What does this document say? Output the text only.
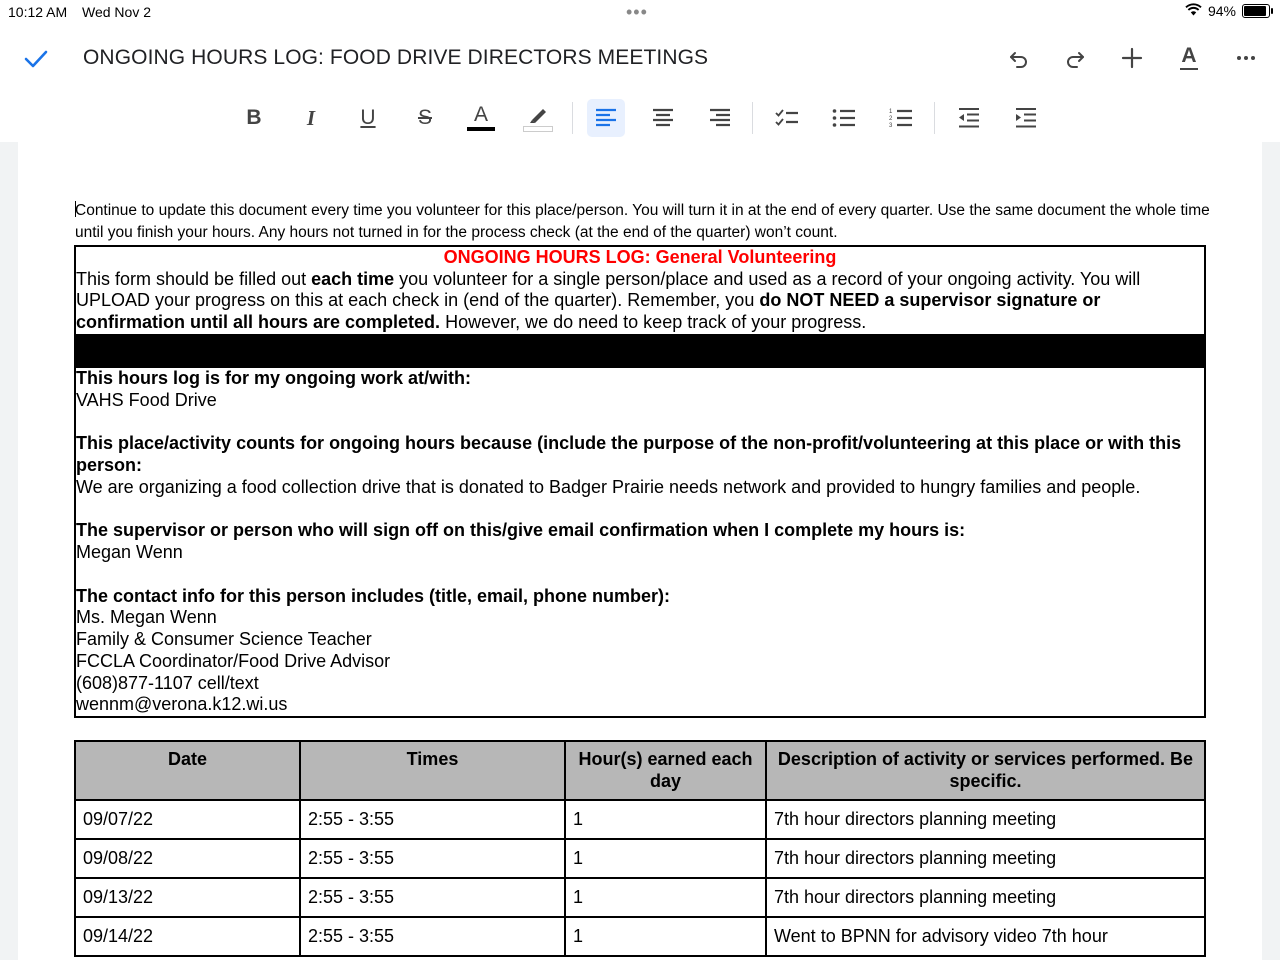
10:12 AM Wed Nov 2	•••	94%
ONGOING HOURS LOG: FOOD DRIVE DIRECTORS MEETINGS	A
B I U S A	1
2
3
Continue to update this document every time you volunteer for this place/person. You will turn it in at the end of every quarter. Use the same document the whole time until you finish your hours. Any hours not turned in for the process check (at the end of the quarter) won’t count.
ONGOING HOURS LOG: General Volunteering
This form should be filled out each time you volunteer for a single person/place and used as a record of your ongoing activity. You will UPLOAD your progress on this at each check in (end of the quarter). Remember, you do NOT NEED a supervisor signature or confirmation until all hours are completed. However, we do need to keep track of your progress.

This hours log is for my ongoing work at/with:

VAHS Food Drive

This place/activity counts for ongoing hours because (include the purpose of the non-profit/volunteering at this place or with this person:

We are organizing a food collection drive that is donated to Badger Prairie needs network and provided to hungry families and people.

The supervisor or person who will sign off on this/give email confirmation when I complete my hours is:

Megan Wenn

The contact info for this person includes (title, email, phone number):

Ms. Megan Wenn

Family & Consumer Science Teacher

FCCLA Coordinator/Food Drive Advisor

(608)877-1107 cell/text

wennm@verona.k12.wi.us

Date	Times	Hour(s) earned each day	Description of activity or services performed. Be specific.
09/07/22	2:55 - 3:55	1	7th hour directors planning meeting
09/08/22	2:55 - 3:55	1	7th hour directors planning meeting
09/13/22	2:55 - 3:55	1	7th hour directors planning meeting
09/14/22	2:55 - 3:55	1	Went to BPNN for advisory video 7th hour
